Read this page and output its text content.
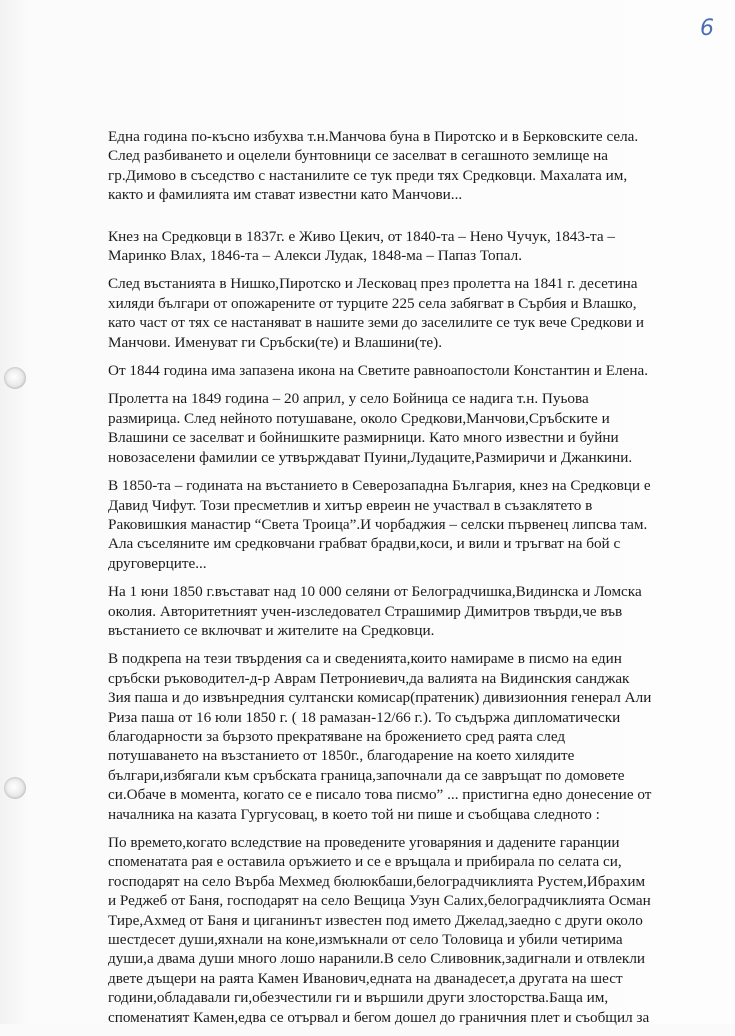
6

Една година по-късно избухва т.н.Манчова буна в Пиротско и в Берковските села. След разбиването и оцелели бунтовници се заселват в сегашното землище на гр.Димово в съседство с настанилите се тук преди тях Средковци. Махалата им, както и фамилията им стават известни като Манчови...

Кнез на Средковци в 1837г. е Живо Цекич, от 1840-та – Нено Чучук, 1843-та – Маринко Влах, 1846-та – Алекси Лудак, 1848-ма – Папаз Топал.

След въстанията в Нишко,Пиротско и Лесковац през пролетта на 1841 г. десетина хиляди българи от опожарените от турците 225 села забягват в Сърбия и Влашко, като част от тях се настаняват в нашите земи до заселилите се тук вече Средкови и Манчови. Именуват ги Сръбски(те) и Влашини(те).

От 1844 година има запазена икона на Светите равноапостоли Константин и Елена.

Пролетта на 1849 година – 20 април, у село Бойница се надига т.н. Пуьова размирица. След нейното потушаване, около Средкови,Манчови,Сръбските и Влашини се заселват и бойнишките размирници. Като много известни и буйни новозаселени фамилии се утвърждават Пуини,Лудаците,Размиричи и Джанкини.

В 1850-та – годината на въстанието в Северозападна България, кнез на Средковци е Давид Чифут. Този пресметлив и хитър евреин не участвал в съзаклятето в Раковишкия манастир “Света Троица”.И чорбаджия – селски първенец липсва там. Ала съселяните им средковчани грабват брадви,коси, и вили и тръгват на бой с друговерците...

На 1 юни 1850 г.въстават над 10 000 селяни от Белоградчишка,Видинска и Ломска околия. Авторитетният учен-изследовател Страшимир Димитров твърди,че във въстанието се включват и жителите на Средковци.

В подкрепа на тези твърдения са и сведенията,които намираме в писмо на един сръбски ръководител-д-р Аврам Петрониевич,да валията на Видинския санджак Зия паша и до извънредния султански комисар(пратеник) дивизионния генерал Али Риза паша от 16 юли 1850 г. ( 18 рамазан-12/66 г.). То съдържа дипломатически благодарности за бързото прекратяване на брожението сред раята след потушаването на възстанието от 1850г., благодарение на което хилядите българи,избягали към сръбската граница,започнали да се завръщат по домовете си.Обаче в момента, когато се е писало това писмо” ... пристигна едно донесение от началника на казата Гургусовац, в което той ни пише и съобщава следното :

По времето,когато вследствие на проведените уговаряния и дадените гаранции споменатата рая е оставила оръжието и се е връщала и прибирала по селата си, господарят на село Върба Мехмед бюлюкбаши,белоградчиклията Рустем,Ибрахим и Реджеб от Баня, господарят на село Вещица Узун Салих,белоградчиклията Осман Тире,Ахмед от Баня и циганинът известен под името Джелад,заедно с други около шестдесет души,яхнали на коне,измъкнали от село Толовица и убили четирима души,а двама души много лошо наранили.В село Сливовник,задигнали и отвлекли двете дъщери на раята Камен Иванович,едната на дванадесет,а другата на шест години,обладавали ги,обезчестили ги и вършили други злосторства.Баща им, споменатият Камен,едва се отървал и бегом дошел до граничния плет и съобщил за
